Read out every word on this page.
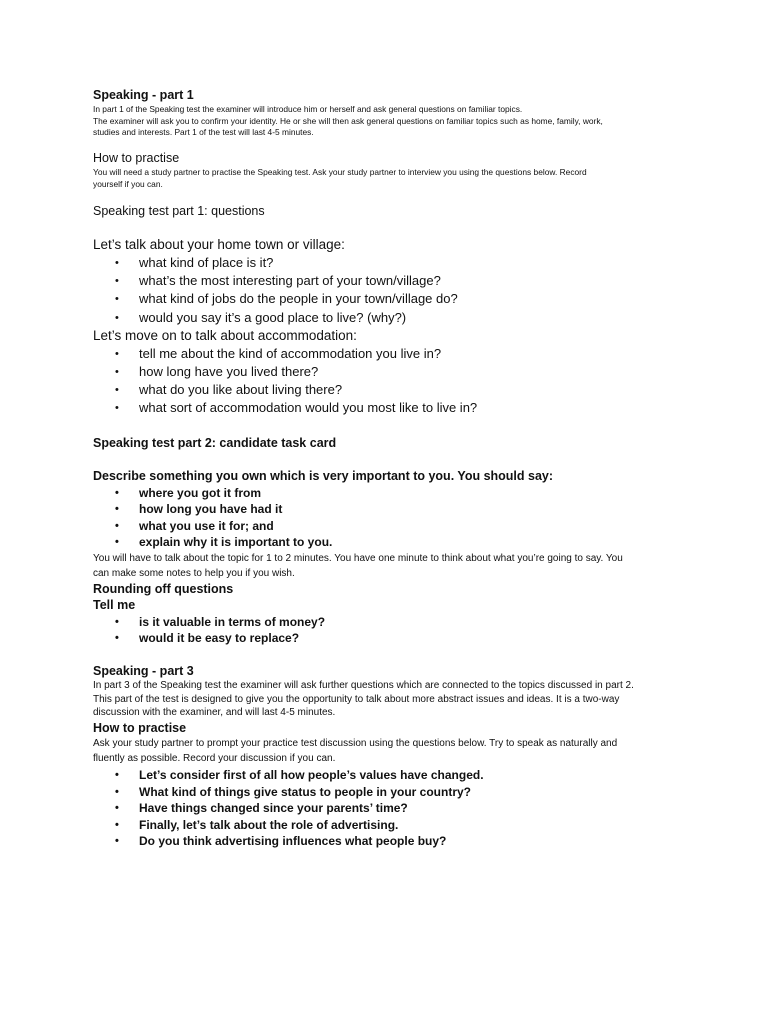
Speaking - part 1

In part 1 of the Speaking test the examiner will introduce him or herself and ask general questions on familiar topics.

The examiner will ask you to confirm your identity. He or she will then ask general questions on familiar topics such as home, family, work,

studies and interests. Part 1 of the test will last 4-5 minutes.

How to practise

You will need a study partner to practise the Speaking test. Ask your study partner to interview you using the questions below. Record

yourself if you can.

Speaking test part 1: questions

Let’s talk about your home town or village:

• what kind of place is it?
• what’s the most interesting part of your town/village?
• what kind of jobs do the people in your town/village do?
• would you say it’s a good place to live? (why?)

Let’s move on to talk about accommodation:

• tell me about the kind of accommodation you live in?
• how long have you lived there?
• what do you like about living there?
• what sort of accommodation would you most like to live in?

Speaking test part 2: candidate task card

Describe something you own which is very important to you. You should say:

• where you got it from
• how long you have had it
• what you use it for; and
• explain why it is important to you.

You will have to talk about the topic for 1 to 2 minutes. You have one minute to think about what you’re going to say. You

can make some notes to help you if you wish.

Rounding off questions

Tell me

• is it valuable in terms of money?
• would it be easy to replace?

Speaking - part 3

In part 3 of the Speaking test the examiner will ask further questions which are connected to the topics discussed in part 2.

This part of the test is designed to give you the opportunity to talk about more abstract issues and ideas. It is a two-way

discussion with the examiner, and will last 4-5 minutes.

How to practise

Ask your study partner to prompt your practice test discussion using the questions below. Try to speak as naturally and

fluently as possible. Record your discussion if you can.

• Let’s consider first of all how people’s values have changed.
• What kind of things give status to people in your country?
• Have things changed since your parents’ time?
• Finally, let’s talk about the role of advertising.
• Do you think advertising influences what people buy?
